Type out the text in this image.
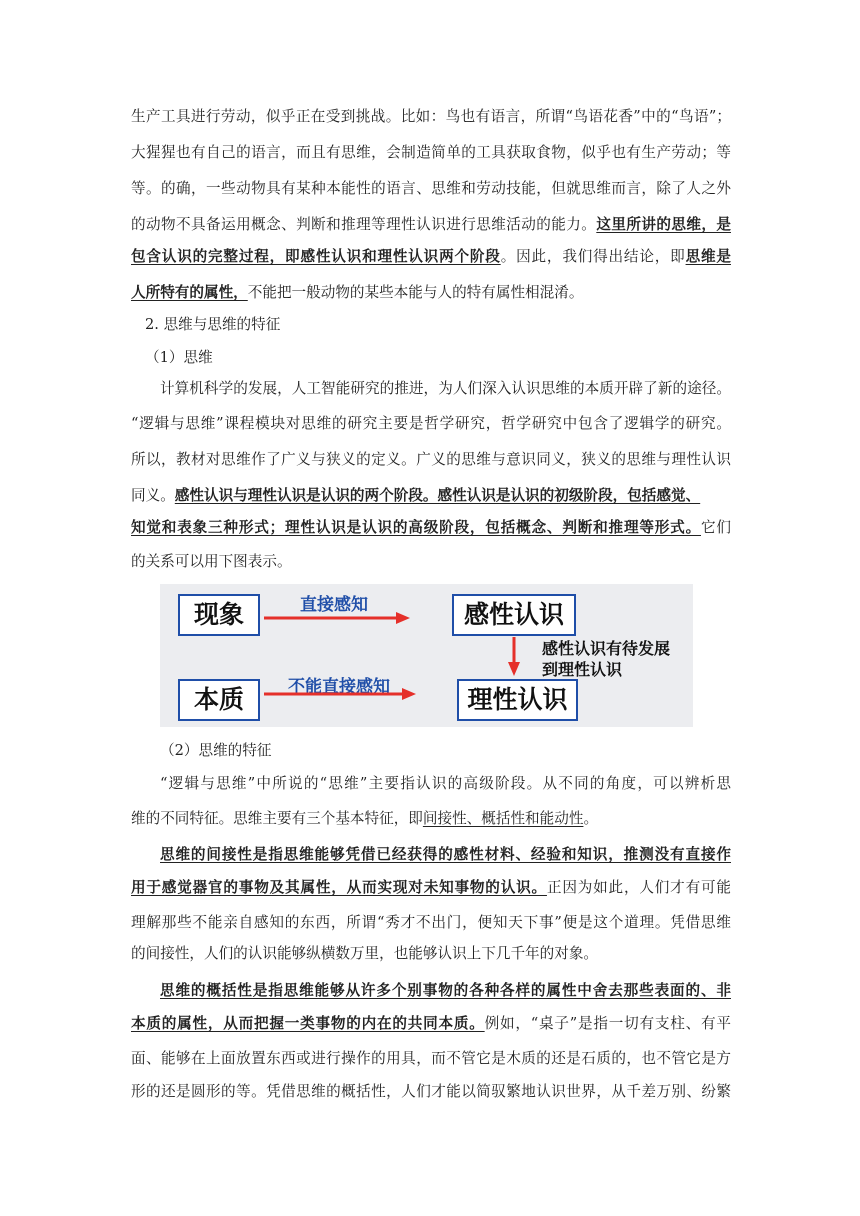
生产工具进行劳动，似乎正在受到挑战。比如：鸟也有语言，所谓“鸟语花香”中的“鸟语”；
大猩猩也有自己的语言，而且有思维，会制造简单的工具获取食物，似乎也有生产劳动；等
等。的确，一些动物具有某种本能性的语言、思维和劳动技能，但就思维而言，除了人之外
的动物不具备运用概念、判断和推理等理性认识进行思维活动的能力。这里所讲的思维，是
包含认识的完整过程，即感性认识和理性认识两个阶段。因此，我们得出结论，即思维是
人所特有的属性，不能把一般动物的某些本能与人的特有属性相混淆。
2. 思维与思维的特征
（1）思维
计算机科学的发展，人工智能研究的推进，为人们深入认识思维的本质开辟了新的途径。
“逻辑与思维”课程模块对思维的研究主要是哲学研究，哲学研究中包含了逻辑学的研究。
所以，教材对思维作了广义与狭义的定义。广义的思维与意识同义，狭义的思维与理性认识
同义。感性认识与理性认识是认识的两个阶段。感性认识是认识的初级阶段，包括感觉、
知觉和表象三种形式；理性认识是认识的高级阶段，包括概念、判断和推理等形式。它们
的关系可以用下图表示。
现象	感性认识
本质	理性认识
直接感知
不能直接感知
感性认识有待发展
到理性认识
（2）思维的特征
“逻辑与思维”中所说的“思维”主要指认识的高级阶段。从不同的角度，可以辨析思
维的不同特征。思维主要有三个基本特征，即间接性、概括性和能动性。
思维的间接性是指思维能够凭借已经获得的感性材料、经验和知识，推测没有直接作
用于感觉器官的事物及其属性，从而实现对未知事物的认识。正因为如此，人们才有可能
理解那些不能亲自感知的东西，所谓“秀才不出门，便知天下事”便是这个道理。凭借思维
的间接性，人们的认识能够纵横数万里，也能够认识上下几千年的对象。
思维的概括性是指思维能够从许多个别事物的各种各样的属性中舍去那些表面的、非
本质的属性，从而把握一类事物的内在的共同本质。例如，“桌子”是指一切有支柱、有平
面、能够在上面放置东西或进行操作的用具，而不管它是木质的还是石质的，也不管它是方
形的还是圆形的等。凭借思维的概括性，人们才能以简驭繁地认识世界，从千差万别、纷繁
